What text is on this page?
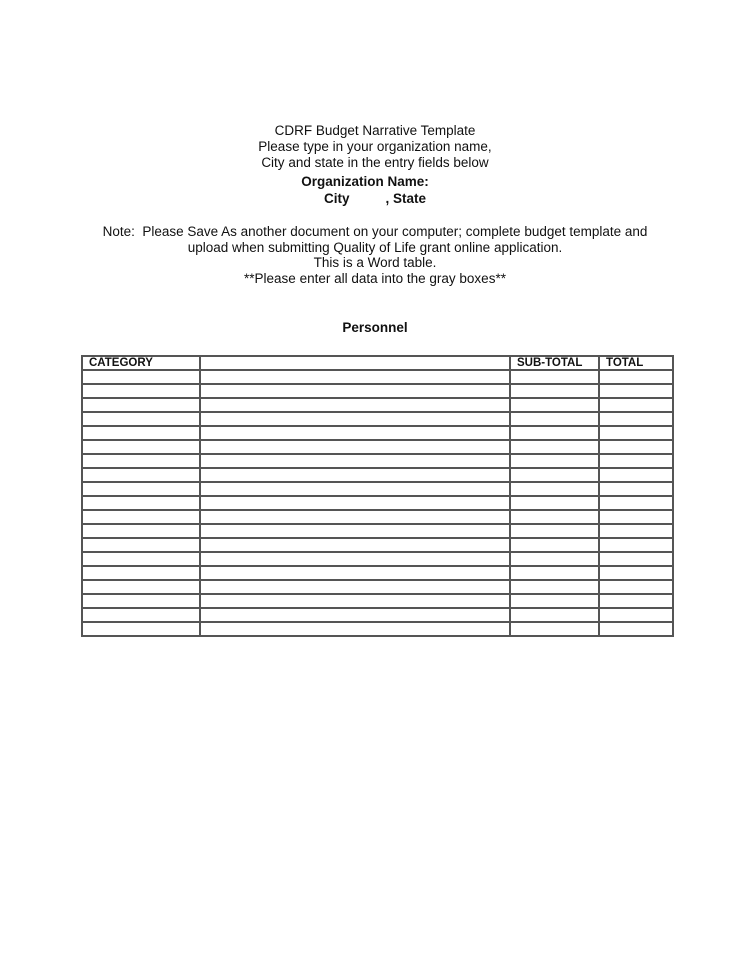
CDRF Budget Narrative Template
Please type in your organization name,
City and state in the entry fields below
Organization Name:
City	, State
Note:  Please Save As another document on your computer; complete budget template and
upload when submitting Quality of Life grant online application.
This is a Word table.
**Please enter all data into the gray boxes**
Personnel
CATEGORY		SUB-TOTAL	TOTAL
